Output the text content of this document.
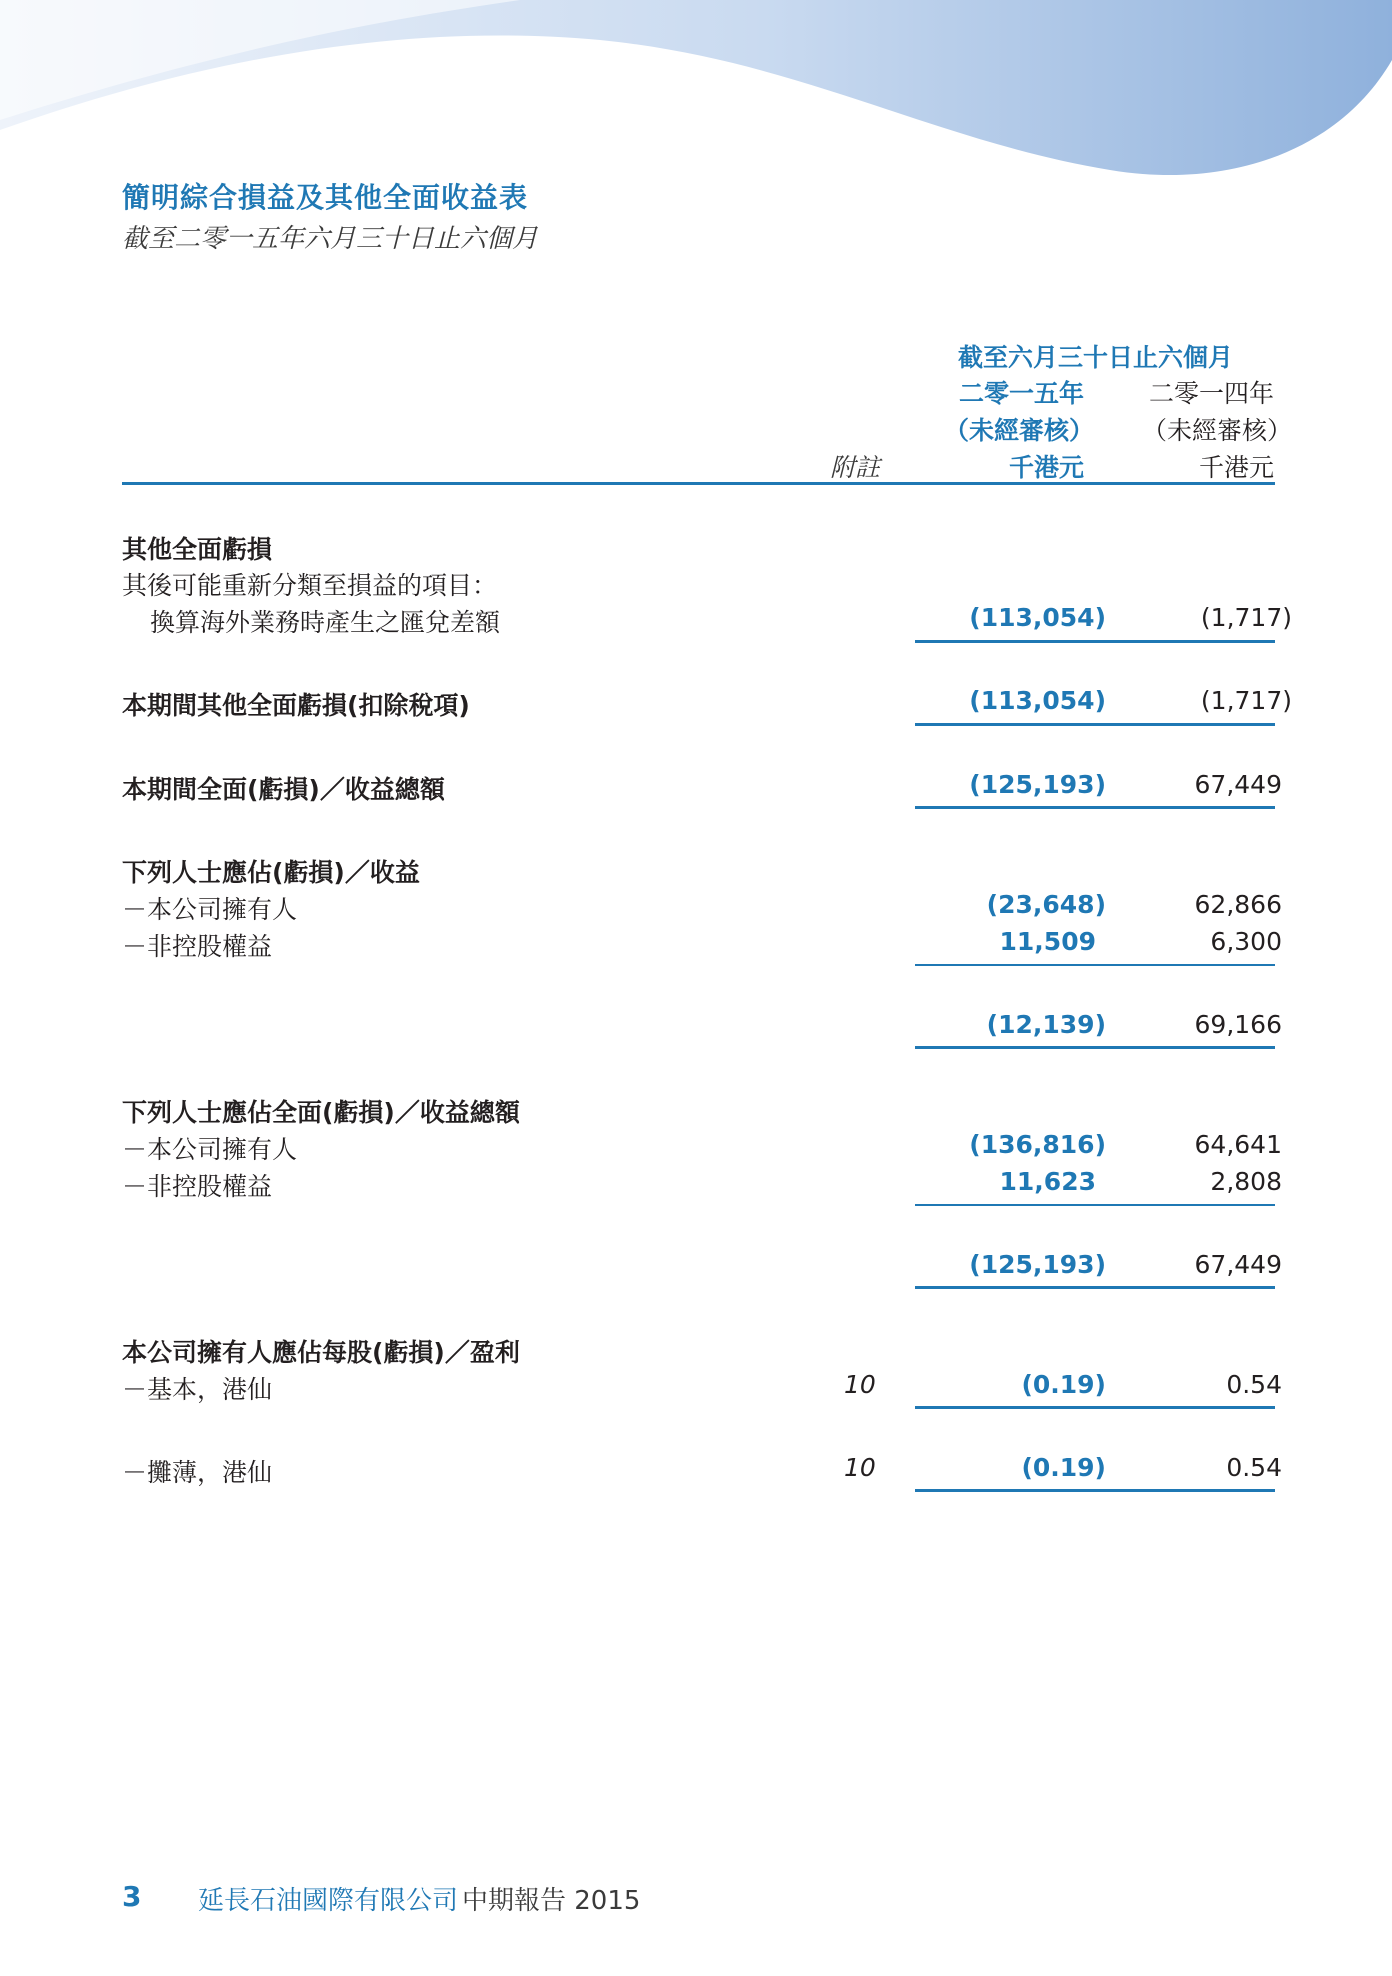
簡明綜合損益及其他全面收益表
截至二零一五年六月三十日止六個月
截至六月三十日止六個月
二零一五年	二零一四年
（未經審核） （未經審核）
附註	千港元	千港元
其他全面虧損
其後可能重新分類至損益的項目：
換算海外業務時產生之匯兌差額	(113,054)	(1,717)
本期間其他全面虧損(扣除稅項)	(113,054)	(1,717)
本期間全面(虧損)／收益總額	(125,193)	67,449
下列人士應佔(虧損)／收益
－本公司擁有人	(23,648)	62,866
－非控股權益	11,509	6,300
(12,139)	69,166
下列人士應佔全面(虧損)／收益總額
－本公司擁有人	(136,816)	64,641
－非控股權益	11,623	2,808
(125,193)	67,449
本公司擁有人應佔每股(虧損)／盈利
－基本，港仙	10	(0.19)	0.54
－攤薄，港仙	10	(0.19)	0.54
3 延長石油國際有限公司 中期報告 2015
